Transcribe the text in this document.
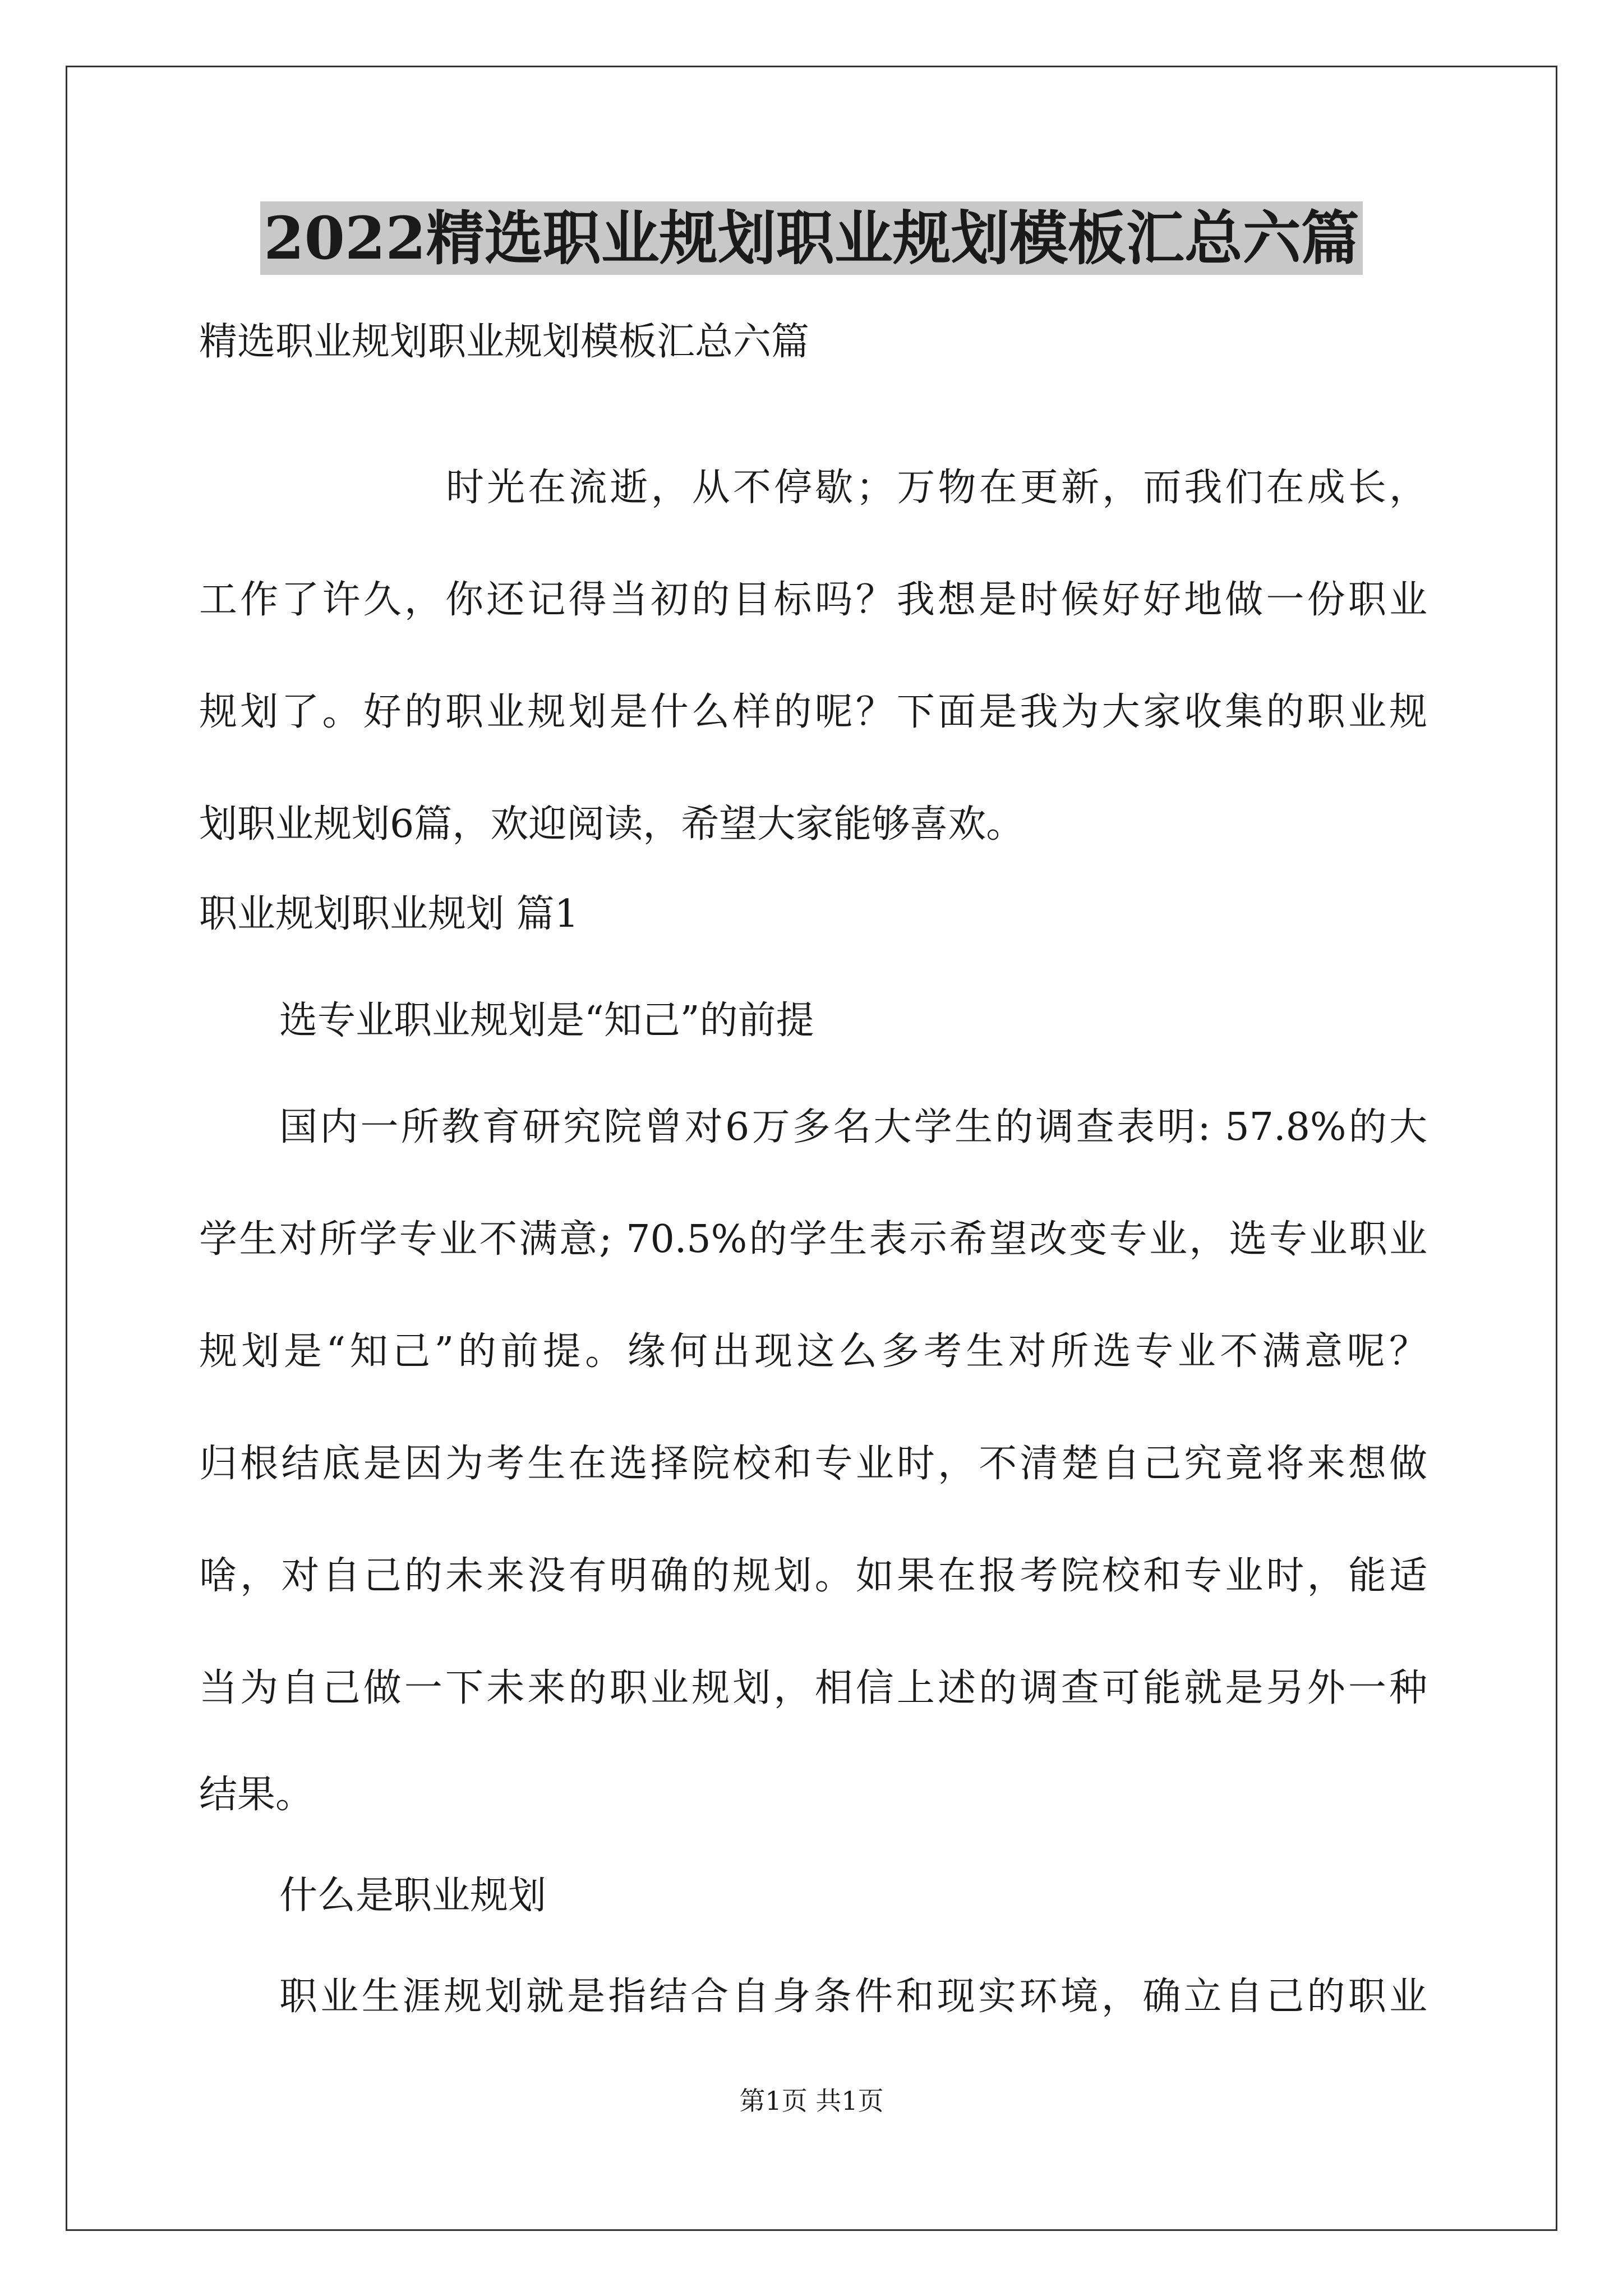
2022精选职业规划职业规划模板汇总六篇
精选职业规划职业规划模板汇总六篇
时光在流逝，从不停歇；万物在更新，而我们在成长，
工作了许久，你还记得当初的目标吗？我想是时候好好地做一份职业
规划了。好的职业规划是什么样的呢？下面是我为大家收集的职业规
划职业规划6篇，欢迎阅读，希望大家能够喜欢。
职业规划职业规划 篇1
选专业职业规划是“知己”的前提
国内一所教育研究院曾对6万多名大学生的调查表明: 57.8%的大
学生对所学专业不满意; 70.5%的学生表示希望改变专业，选专业职业
规划是“知己”的前提。缘何出现这么多考生对所选专业不满意呢？
归根结底是因为考生在选择院校和专业时，不清楚自己究竟将来想做
啥，对自己的未来没有明确的规划。如果在报考院校和专业时，能适
当为自己做一下未来的职业规划，相信上述的调查可能就是另外一种
结果。
什么是职业规划
职业生涯规划就是指结合自身条件和现实环境，确立自己的职业
第1页 共1页
